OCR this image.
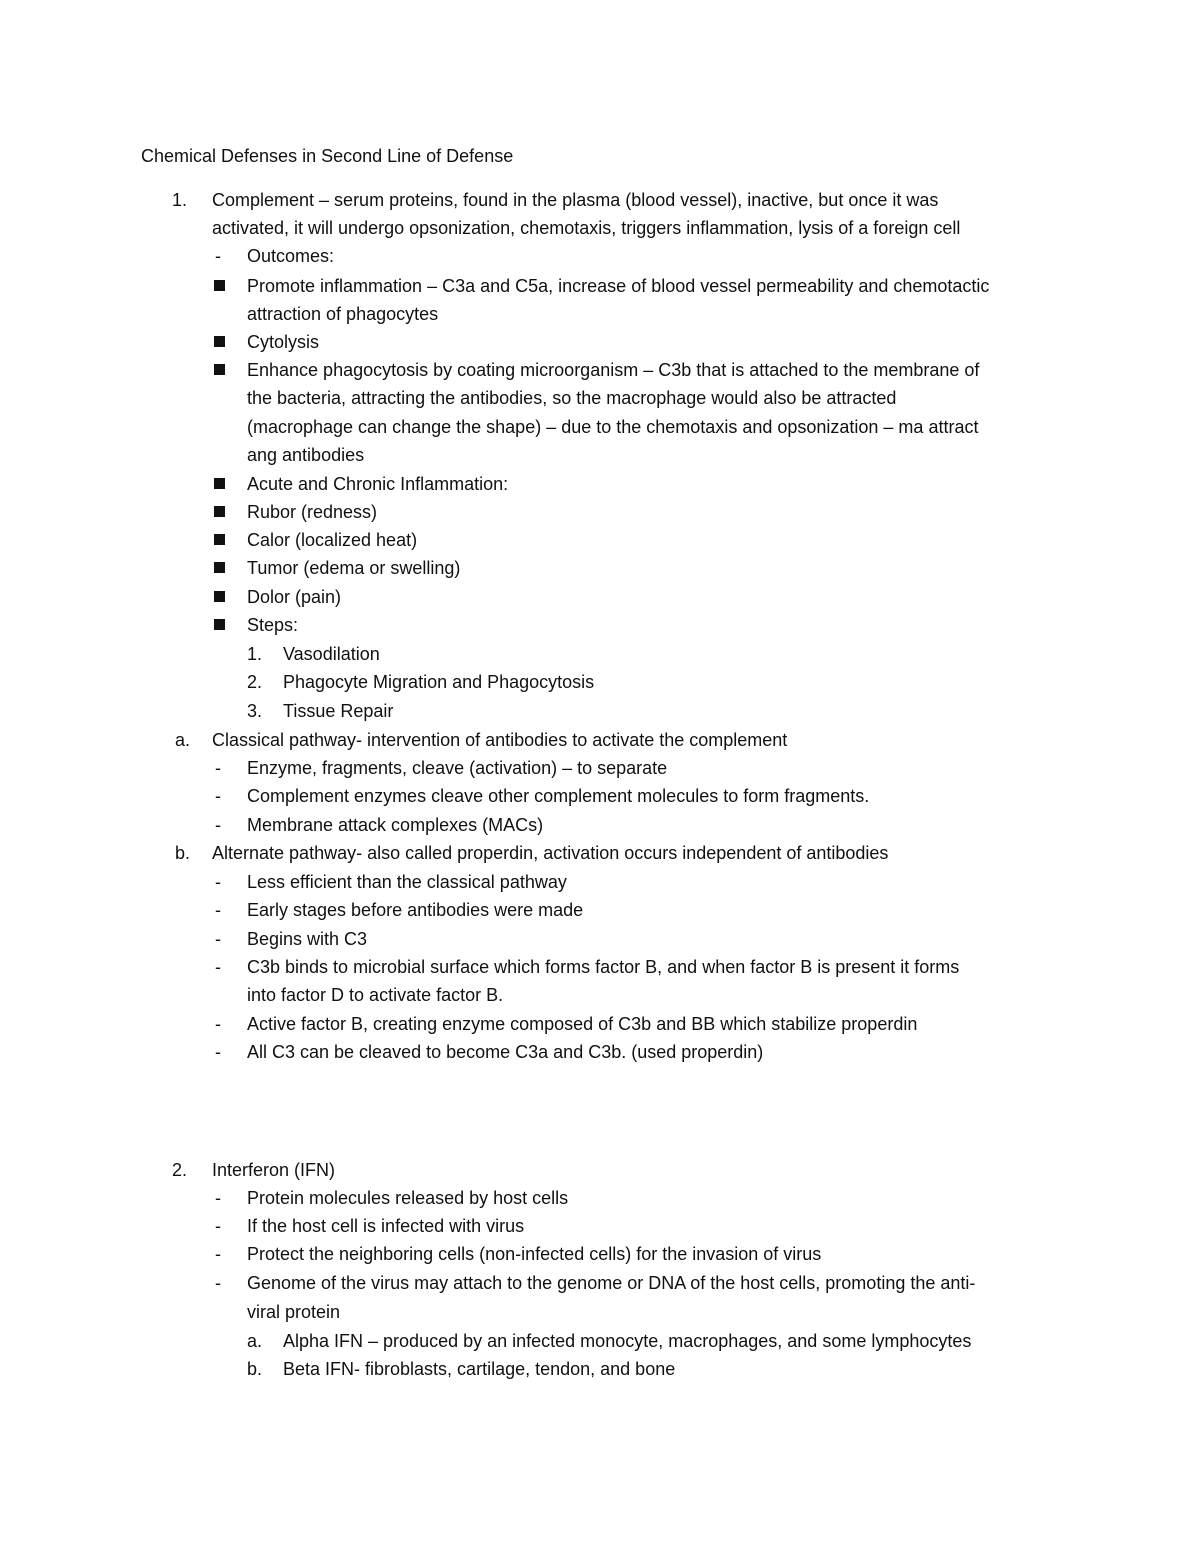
Chemical Defenses in Second Line of Defense
1. Complement – serum proteins, found in the plasma (blood vessel), inactive, but once it was
activated, it will undergo opsonization, chemotaxis, triggers inflammation, lysis of a foreign cell
- Outcomes:
Promote inflammation – C3a and C5a, increase of blood vessel permeability and chemotactic
attraction of phagocytes
Cytolysis
Enhance phagocytosis by coating microorganism – C3b that is attached to the membrane of
the bacteria, attracting the antibodies, so the macrophage would also be attracted
(macrophage can change the shape) – due to the chemotaxis and opsonization – ma attract
ang antibodies
Acute and Chronic Inflammation:
Rubor (redness)
Calor (localized heat)
Tumor (edema or swelling)
Dolor (pain)
Steps:
1. Vasodilation
2. Phagocyte Migration and Phagocytosis
3. Tissue Repair
a. Classical pathway- intervention of antibodies to activate the complement
- Enzyme, fragments, cleave (activation) – to separate
- Complement enzymes cleave other complement molecules to form fragments.
- Membrane attack complexes (MACs)
b. Alternate pathway- also called properdin, activation occurs independent of antibodies
- Less efficient than the classical pathway
- Early stages before antibodies were made
- Begins with C3
- C3b binds to microbial surface which forms factor B, and when factor B is present it forms
into factor D to activate factor B.
- Active factor B, creating enzyme composed of C3b and BB which stabilize properdin
- All C3 can be cleaved to become C3a and C3b. (used properdin)
2. Interferon (IFN)
- Protein molecules released by host cells
- If the host cell is infected with virus
- Protect the neighboring cells (non-infected cells) for the invasion of virus
- Genome of the virus may attach to the genome or DNA of the host cells, promoting the anti-
viral protein
a. Alpha IFN – produced by an infected monocyte, macrophages, and some lymphocytes
b. Beta IFN- fibroblasts, cartilage, tendon, and bone
